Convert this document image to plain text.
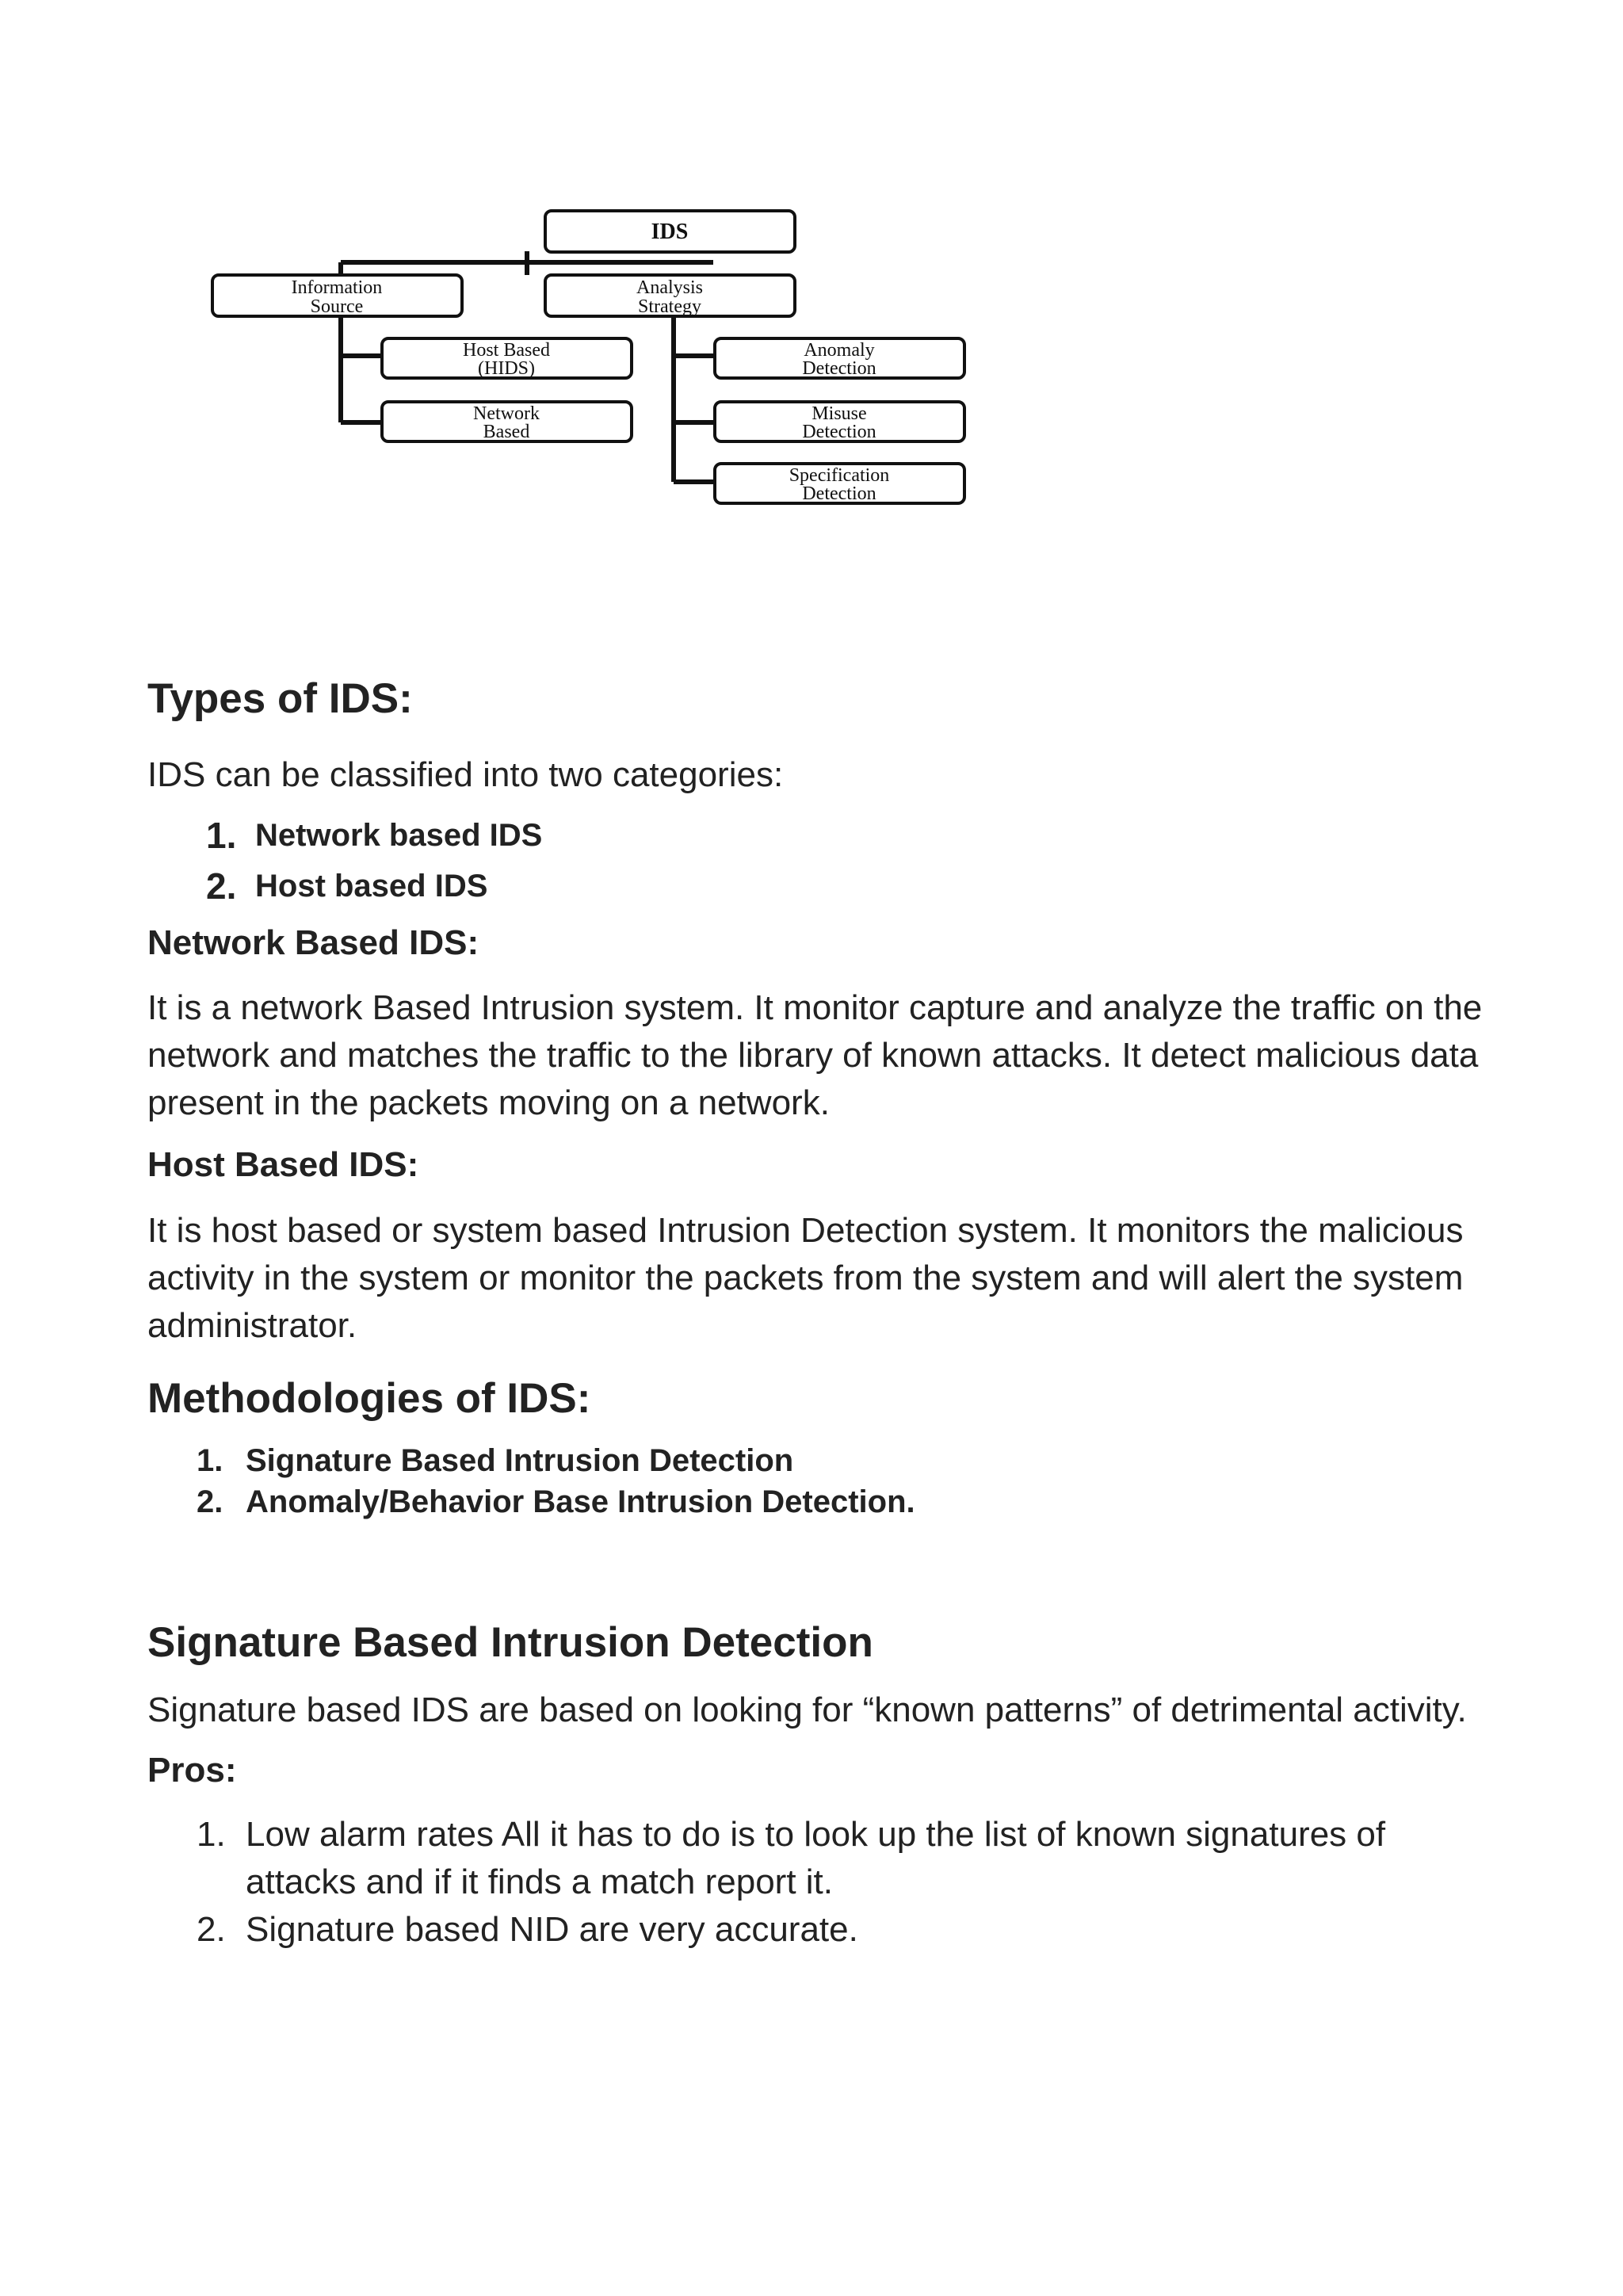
IDS
Information
Source
Analysis
Strategy
Host Based
(HIDS)
Network
Based
Anomaly
Detection
Misuse
Detection
Specification
Detection
Types of IDS:

IDS can be classified into two categories:

1. Network based IDS
2. Host based IDS
Network Based IDS:

It is a network Based Intrusion system. It monitor capture and analyze the traffic on the network and matches the traffic to the library of known attacks. It detect malicious data present in the packets moving on a network.

Host Based IDS:

It is host based or system based Intrusion Detection system. It monitors the malicious activity in the system or monitor the packets from the system and will alert the system administrator.

Methodologies of IDS:
1. Signature Based Intrusion Detection
2. Anomaly/Behavior Base Intrusion Detection.
Signature Based Intrusion Detection

Signature based IDS are based on looking for “known patterns” of detrimental activity.

Pros:
1. Low alarm rates All it has to do is to look up the list of known signatures of attacks and if it finds a match report it.
2. Signature based NID are very accurate.
